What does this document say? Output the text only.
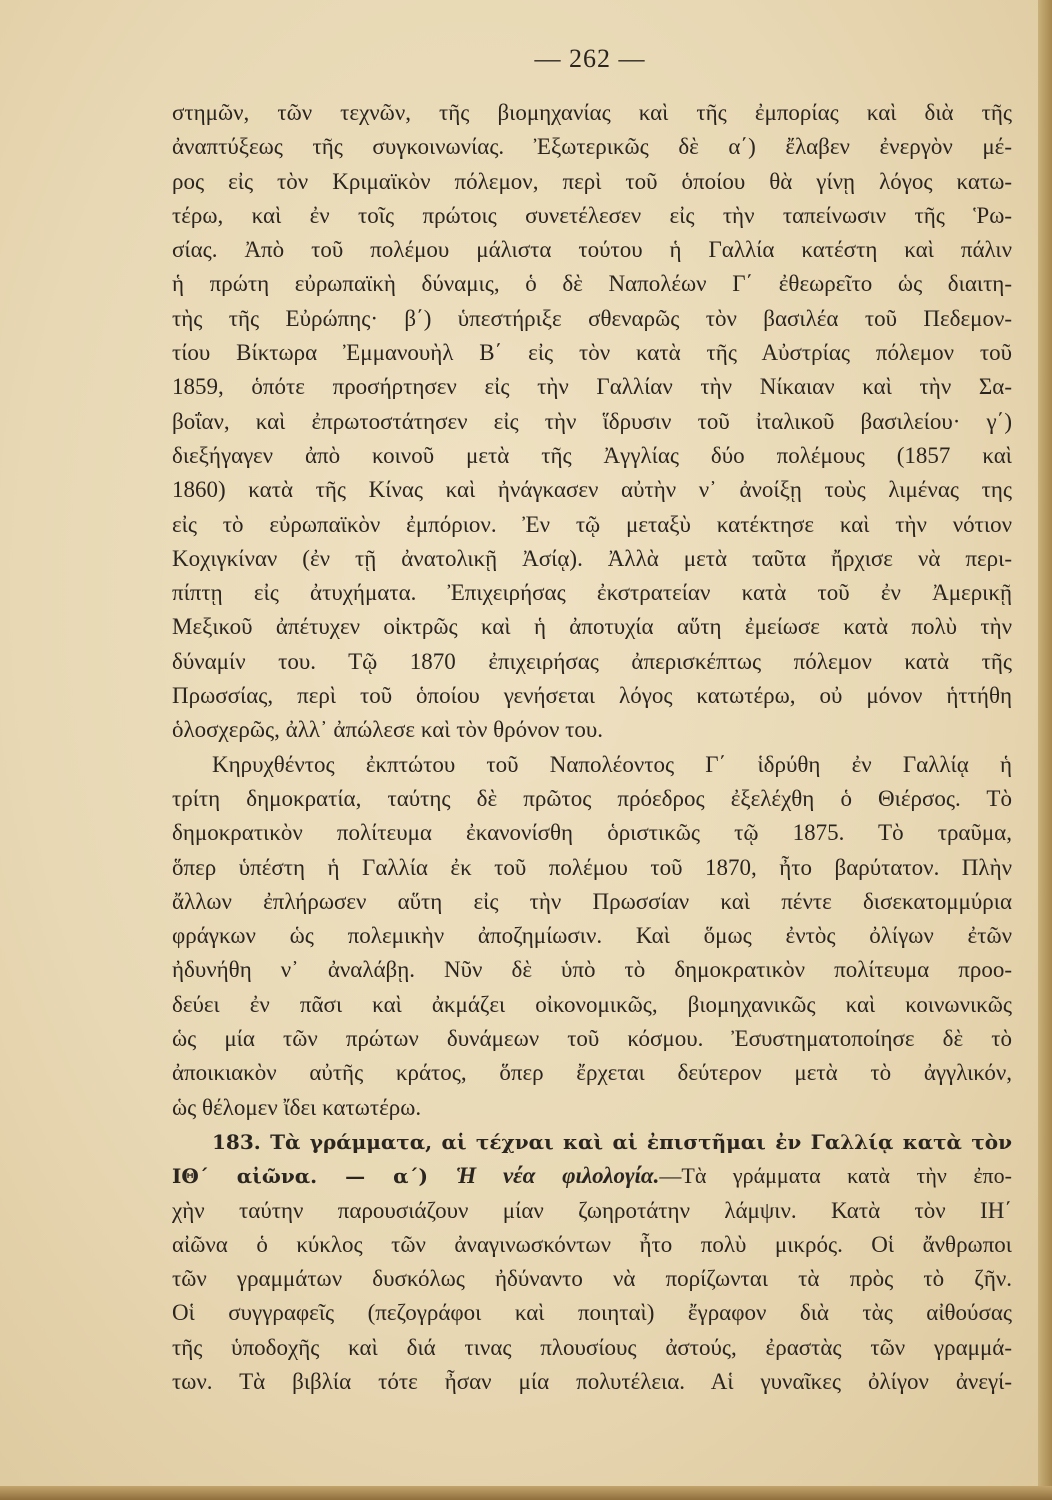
— 262 —
στημῶν, τῶν τεχνῶν, τῆς βιομηχανίας καὶ τῆς ἐμπορίας καὶ διὰ τῆς
ἀναπτύξεως τῆς συγκοινωνίας. Ἐξωτερικῶς δὲ α΄) ἔλαβεν ἐνεργὸν μέ-
ρος εἰς τὸν Κριμαϊκὸν πόλεμον, περὶ τοῦ ὁποίου θὰ γίνῃ λόγος κατω-
τέρω, καὶ ἐν τοῖς πρώτοις συνετέλεσεν εἰς τὴν ταπείνωσιν τῆς Ῥω-
σίας. Ἀπὸ τοῦ πολέμου μάλιστα τούτου ἡ Γαλλία κατέστη καὶ πάλιν
ἡ πρώτη εὐρωπαϊκὴ δύναμις, ὁ δὲ Ναπολέων Γ΄ ἐθεωρεῖτο ὡς διαιτη-
τὴς τῆς Εὐρώπης· β΄) ὑπεστήριξε σθεναρῶς τὸν βασιλέα τοῦ Πεδεμον-
τίου Βίκτωρα Ἐμμανουὴλ Β΄ εἰς τὸν κατὰ τῆς Αὐστρίας πόλεμον τοῦ
1859, ὁπότε προσήρτησεν εἰς τὴν Γαλλίαν τὴν Νίκαιαν καὶ τὴν Σα-
βοΐαν, καὶ ἐπρωτοστάτησεν εἰς τὴν ἵδρυσιν τοῦ ἰταλικοῦ βασιλείου· γ΄)
διεξήγαγεν ἀπὸ κοινοῦ μετὰ τῆς Ἀγγλίας δύο πολέμους (1857 καὶ
1860) κατὰ τῆς Κίνας καὶ ἠνάγκασεν αὐτὴν ν᾿ ἀνοίξῃ τοὺς λιμένας της
εἰς τὸ εὐρωπαϊκὸν ἐμπόριον. Ἐν τῷ μεταξὺ κατέκτησε καὶ τὴν νότιον
Κοχιγκίναν (ἐν τῇ ἀνατολικῇ Ἀσίᾳ). Ἀλλὰ μετὰ ταῦτα ἤρχισε νὰ περι-
πίπτῃ εἰς ἀτυχήματα. Ἐπιχειρήσας ἐκστρατείαν κατὰ τοῦ ἐν Ἀμερικῇ
Μεξικοῦ ἀπέτυχεν οἰκτρῶς καὶ ἡ ἀποτυχία αὕτη ἐμείωσε κατὰ πολὺ τὴν
δύναμίν του. Τῷ 1870 ἐπιχειρήσας ἀπερισκέπτως πόλεμον κατὰ τῆς
Πρωσσίας, περὶ τοῦ ὁποίου γενήσεται λόγος κατωτέρω, οὐ μόνον ἡττήθη
ὁλοσχερῶς, ἀλλ᾿ ἀπώλεσε καὶ τὸν θρόνον του.
Κηρυχθέντος ἐκπτώτου τοῦ Ναπολέοντος Γ΄ ἱδρύθη ἐν Γαλλίᾳ ἡ
τρίτη δημοκρατία, ταύτης δὲ πρῶτος πρόεδρος ἐξελέχθη ὁ Θιέρσος. Τὸ
δημοκρατικὸν πολίτευμα ἐκανονίσθη ὁριστικῶς τῷ 1875. Τὸ τραῦμα,
ὅπερ ὑπέστη ἡ Γαλλία ἐκ τοῦ πολέμου τοῦ 1870, ἦτο βαρύτατον. Πλὴν
ἄλλων ἐπλήρωσεν αὕτη εἰς τὴν Πρωσσίαν καὶ πέντε δισεκατομμύρια
φράγκων ὡς πολεμικὴν ἀποζημίωσιν. Καὶ ὅμως ἐντὸς ὀλίγων ἐτῶν
ἠδυνήθη ν᾿ ἀναλάβῃ. Νῦν δὲ ὑπὸ τὸ δημοκρατικὸν πολίτευμα προο-
δεύει ἐν πᾶσι καὶ ἀκμάζει οἰκονομικῶς, βιομηχανικῶς καὶ κοινωνικῶς
ὡς μία τῶν πρώτων δυνάμεων τοῦ κόσμου. Ἐσυστηματοποίησε δὲ τὸ
ἀποικιακὸν αὐτῆς κράτος, ὅπερ ἔρχεται δεύτερον μετὰ τὸ ἀγγλικόν,
ὡς θέλομεν ἴδει κατωτέρω.
183. Τὰ γράμματα, αἱ τέχναι καὶ αἱ ἐπιστῆμαι ἐν Γαλλίᾳ κατὰ τὸν
ΙΘ΄ αἰῶνα. — α΄) Ἡ νέα φιλολογία.—Τὰ γράμματα κατὰ τὴν ἐπο-
χὴν ταύτην παρουσιάζουν μίαν ζωηροτάτην λάμψιν. Κατὰ τὸν ΙΗ΄
αἰῶνα ὁ κύκλος τῶν ἀναγινωσκόντων ἦτο πολὺ μικρός. Οἱ ἄνθρωποι
τῶν γραμμάτων δυσκόλως ἠδύναντο νὰ πορίζωνται τὰ πρὸς τὸ ζῆν.
Οἱ συγγραφεῖς (πεζογράφοι καὶ ποιηταὶ) ἔγραφον διὰ τὰς αἰθούσας
τῆς ὑποδοχῆς καὶ διά τινας πλουσίους ἀστούς, ἐραστὰς τῶν γραμμά-
των. Τὰ βιβλία τότε ἦσαν μία πολυτέλεια. Αἱ γυναῖκες ὀλίγον ἀνεγί-
